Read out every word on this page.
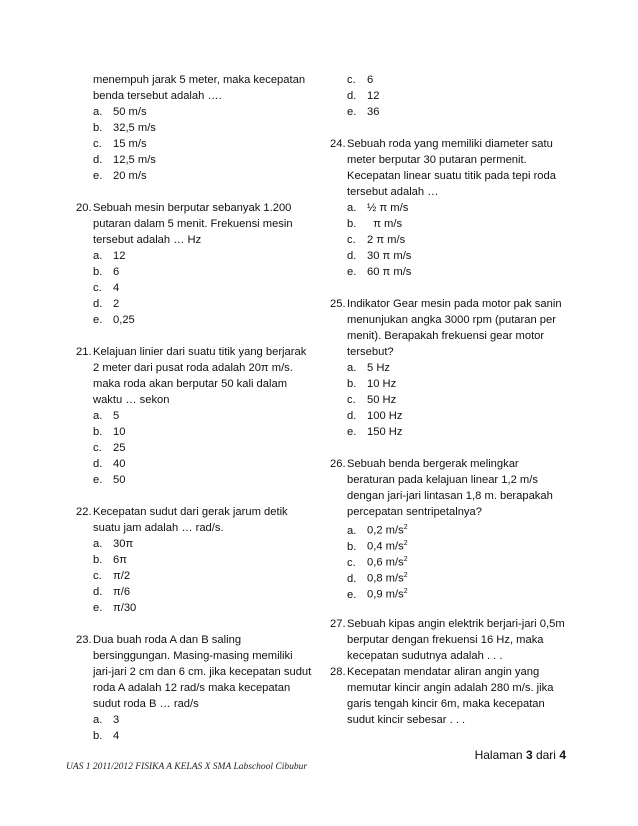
menempuh jarak 5 meter, maka kecepatan
benda tersebut adalah ….
a. 50 m/s
b. 32,5 m/s
c. 15 m/s
d. 12,5 m/s
e. 20 m/s
20.Sebuah mesin berputar sebanyak 1.200
putaran dalam 5 menit. Frekuensi mesin
tersebut adalah … Hz
a. 12
b. 6
c. 4
d. 2
e. 0,25
21.Kelajuan linier dari suatu titik yang berjarak
2 meter dari pusat roda adalah 20π m/s.
maka roda akan berputar 50 kali dalam
waktu … sekon
a. 5
b. 10
c. 25
d. 40
e. 50
22.Kecepatan sudut dari gerak jarum detik
suatu jam adalah … rad/s.
a. 30π
b. 6π
c. π/2
d. π/6
e. π/30
23.Dua buah roda A dan B saling
bersinggungan. Masing-masing memiliki
jari-jari 2 cm dan 6 cm. jika kecepatan sudut
roda A adalah 12 rad/s maka kecepatan
sudut roda B … rad/s
a. 3
b. 4
c. 6
d. 12
e. 36
24.Sebuah roda yang memiliki diameter satu
meter berputar 30 putaran permenit.
Kecepatan linear suatu titik pada tepi roda
tersebut adalah …
a. ½ π m/s
b.  π m/s
c. 2 π m/s
d. 30 π m/s
e. 60 π m/s
25.Indikator Gear mesin pada motor pak sanin
menunjukan angka 3000 rpm (putaran per
menit). Berapakah frekuensi gear motor
tersebut?
a. 5 Hz
b. 10 Hz
c. 50 Hz
d. 100 Hz
e. 150 Hz
26.Sebuah benda bergerak melingkar
beraturan pada kelajuan linear 1,2 m/s
dengan jari-jari lintasan 1,8 m. berapakah
percepatan sentripetalnya?
a. 0,2 $m/s^2$
b. 0,4 $m/s^2$
c. 0,6 $m/s^2$
d. 0,8 $m/s^2$
e. 0,9 $m/s^2$
27.Sebuah kipas angin elektrik berjari-jari 0,5m
berputar dengan frekuensi 16 Hz, maka
kecepatan sudutnya adalah . . .
28.Kecepatan mendatar aliran angin yang
memutar kincir angin adalah 280 m/s. jika
garis tengah kincir 6m, maka kecepatan
sudut kincir sebesar . . .
UAS 1 2011/2012 FISIKA A KELAS X SMA Labschool Cibubur
Halaman 3 dari 4
